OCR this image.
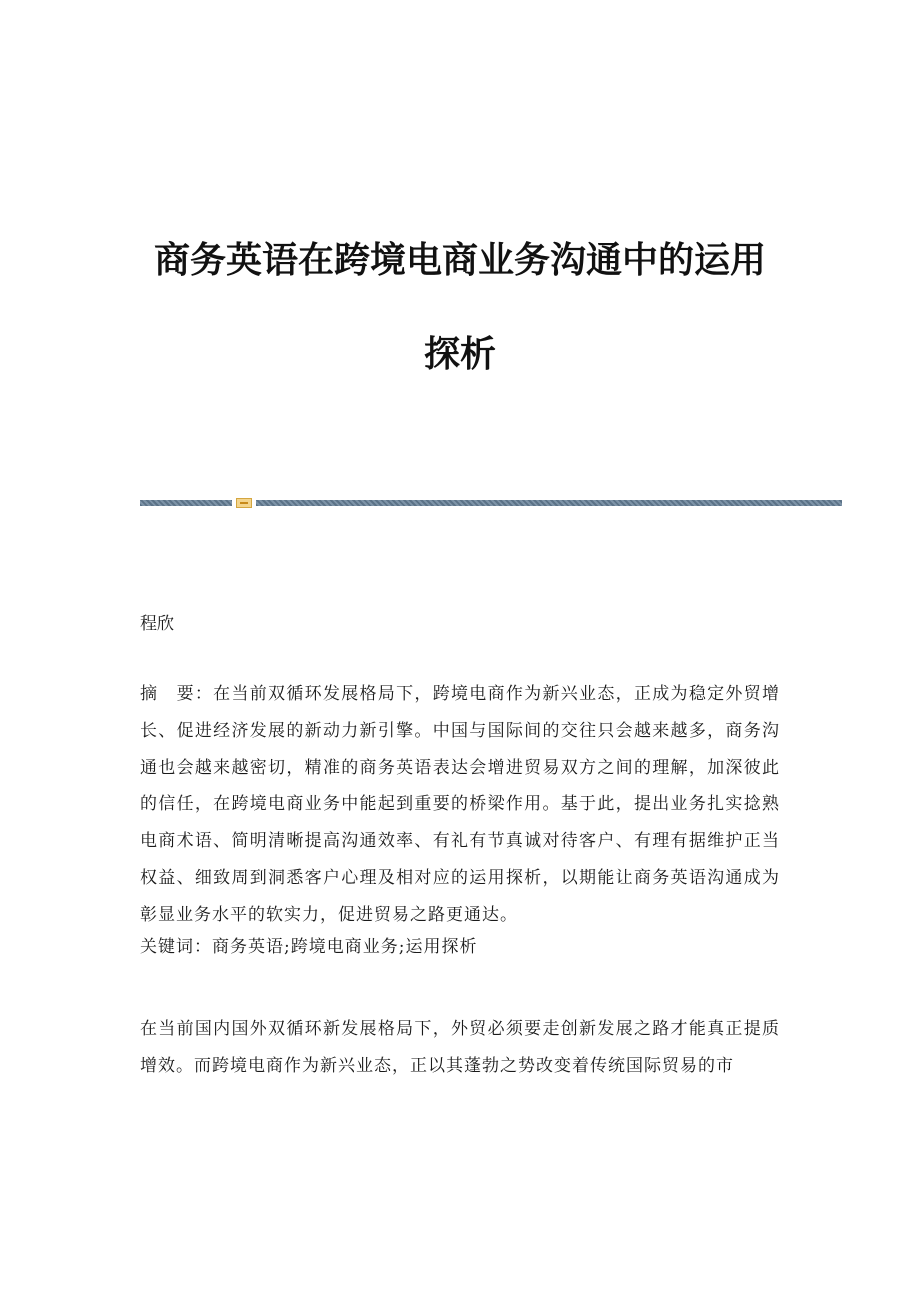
商务英语在跨境电商业务沟通中的运用
探析

程欣

摘　要：在当前双循环发展格局下，跨境电商作为新兴业态，正成为稳定外贸增长、促进经济发展的新动力新引擎。中国与国际间的交往只会越来越多，商务沟通也会越来越密切，精准的商务英语表达会增进贸易双方之间的理解，加深彼此的信任，在跨境电商业务中能起到重要的桥梁作用。基于此，提出业务扎实捻熟电商术语、简明清晰提高沟通效率、有礼有节真诚对待客户、有理有据维护正当权益、细致周到洞悉客户心理及相对应的运用探析，以期能让商务英语沟通成为彰显业务水平的软实力，促进贸易之路更通达。

关键词：商务英语;跨境电商业务;运用探析

在当前国内国外双循环新发展格局下，外贸必须要走创新发展之路才能真正提质增效。而跨境电商作为新兴业态，正以其蓬勃之势改变着传统国际贸易的市
